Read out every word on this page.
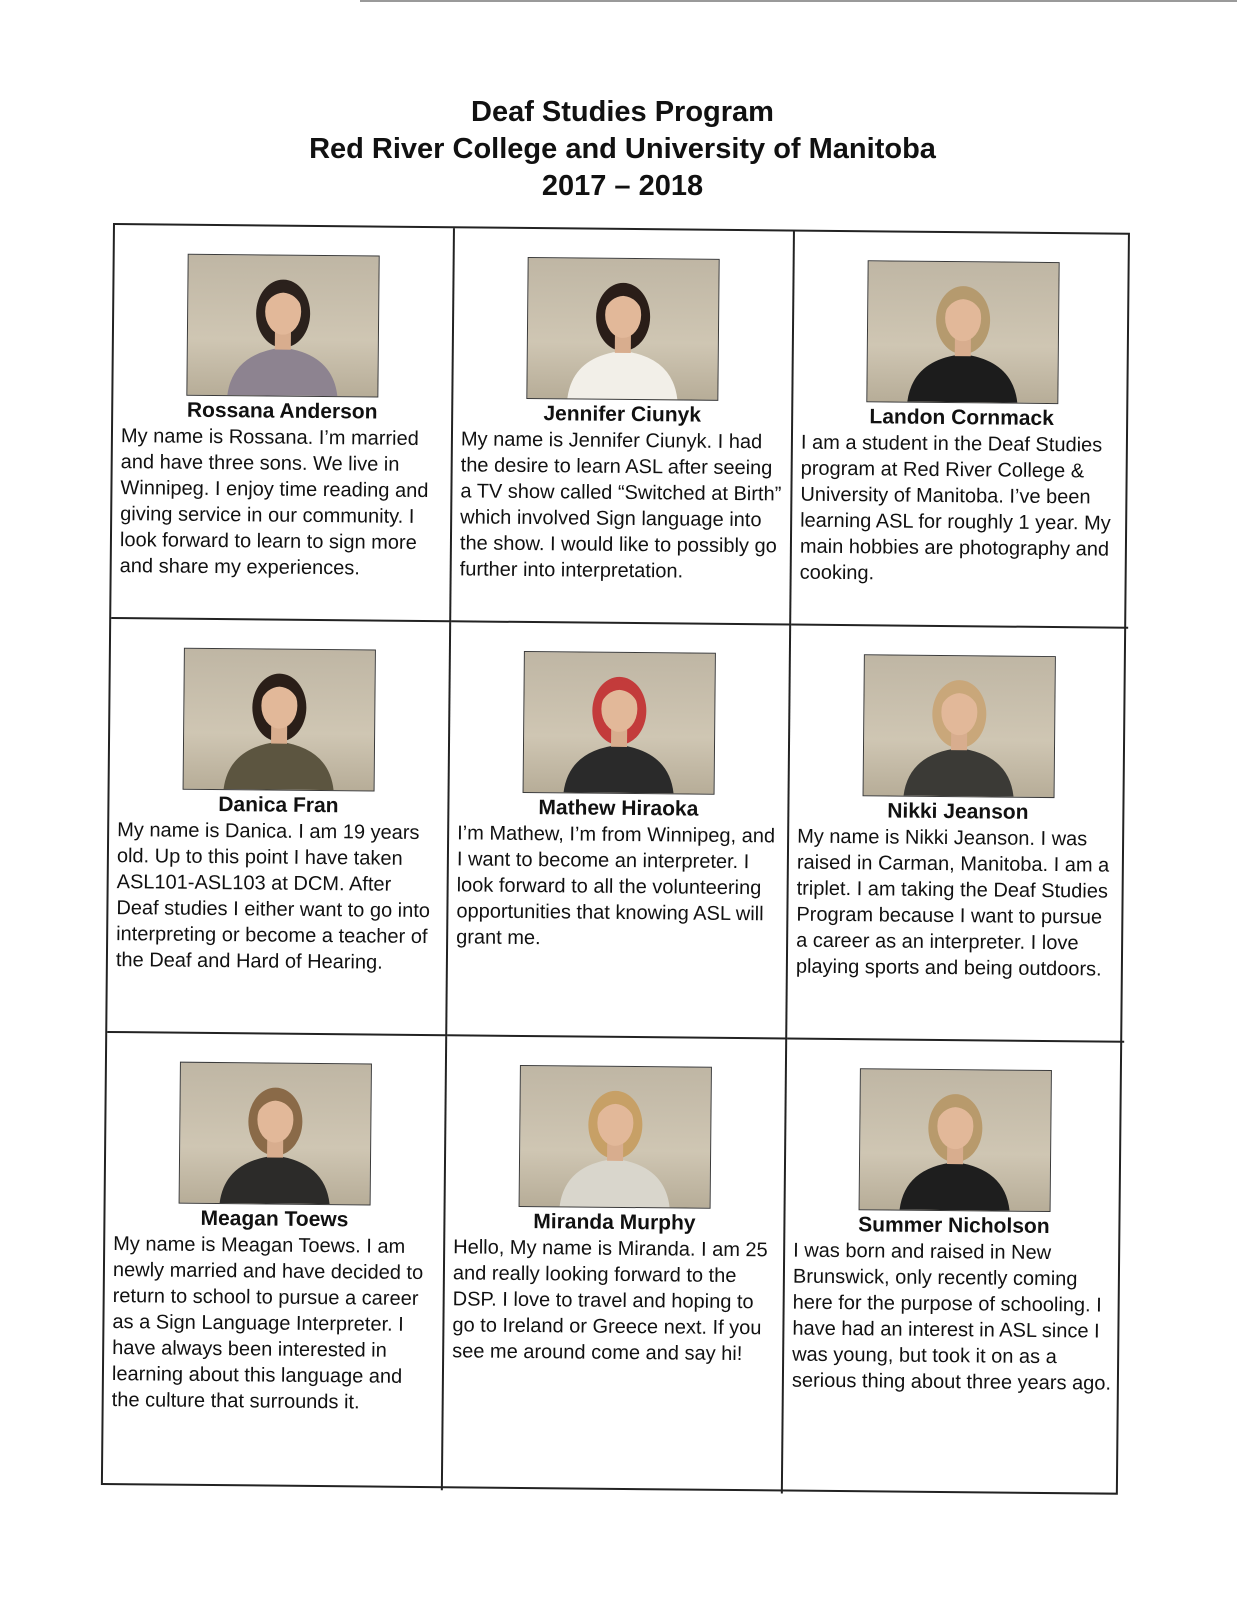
Deaf Studies Program
Red River College and University of Manitoba
2017 – 2018
Rossana Anderson
My name is Rossana. I’m married and have three sons. We live in Winnipeg. I enjoy time reading and giving service in our community. I look forward to learn to sign more and share my experiences.
Jennifer Ciunyk
My name is Jennifer Ciunyk. I had the desire to learn ASL after seeing a TV show called “Switched at Birth” which involved Sign language into the show. I would like to possibly go further into interpretation.
Landon Cornmack
I am a student in the Deaf Studies program at Red River College & University of Manitoba. I’ve been learning ASL for roughly 1 year. My main hobbies are photography and cooking.
Danica Fran
My name is Danica. I am 19 years old. Up to this point I have taken ASL101-ASL103 at DCM. After Deaf studies I either want to go into interpreting or become a teacher of the Deaf and Hard of Hearing.
Mathew Hiraoka
I’m Mathew, I’m from Winnipeg, and I want to become an interpreter. I look forward to all the volunteering opportunities that knowing ASL will grant me.
Nikki Jeanson
My name is Nikki Jeanson. I was raised in Carman, Manitoba. I am a triplet. I am taking the Deaf Studies Program because I want to pursue a career as an interpreter. I love playing sports and being outdoors.
Meagan Toews
My name is Meagan Toews. I am newly married and have decided to return to school to pursue a career as a Sign Language Interpreter. I have always been interested in learning about this language and the culture that surrounds it.
Miranda Murphy
Hello, My name is Miranda. I am 25 and really looking forward to the DSP. I love to travel and hoping to go to Ireland or Greece next. If you see me around come and say hi!
Summer Nicholson
I was born and raised in New Brunswick, only recently coming here for the purpose of schooling. I have had an interest in ASL since I was young, but took it on as a serious thing about three years ago.
